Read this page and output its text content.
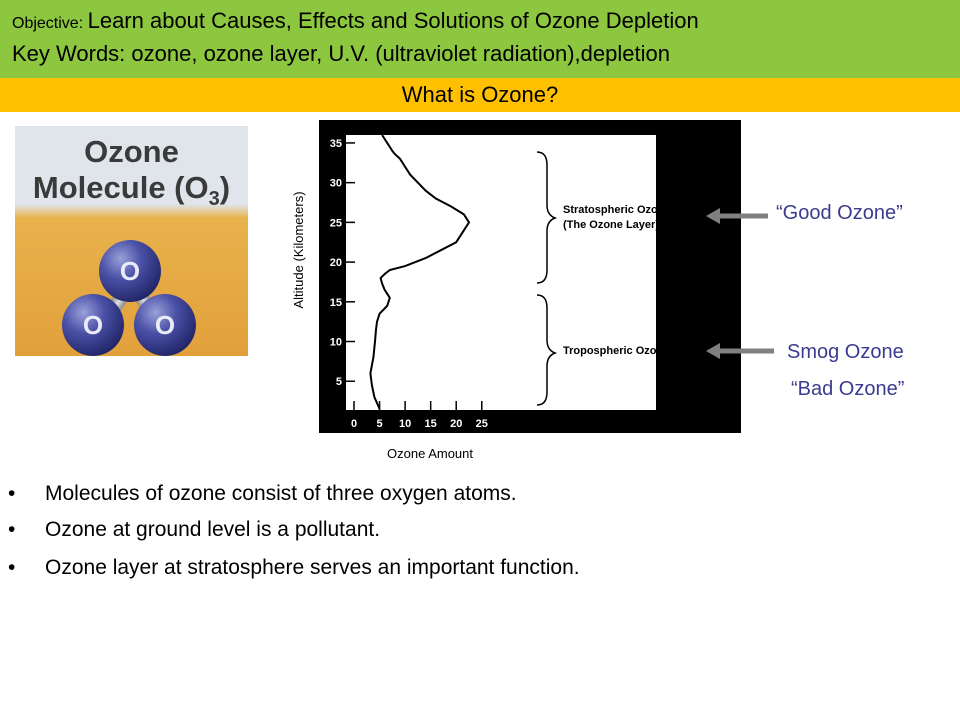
Objective: Learn about Causes, Effects and Solutions of Ozone Depletion
Key Words: ozone, ozone layer, U.V. (ultraviolet radiation),depletion
What is Ozone?
Ozone
Molecule $(O_3)$
O
O	O
5
10
15
20
25
30
35
0 5 10 15 20 25
Stratospheric Ozone
(The Ozone Layer)
Tropospheric Ozone
Altitude (Kilometers)
Ozone Amount
“Good Ozone”
Smog Ozone
“Bad Ozone”
• Molecules of ozone consist of three oxygen atoms.
• Ozone at ground level is a pollutant.
• Ozone layer at stratosphere serves an important function.
